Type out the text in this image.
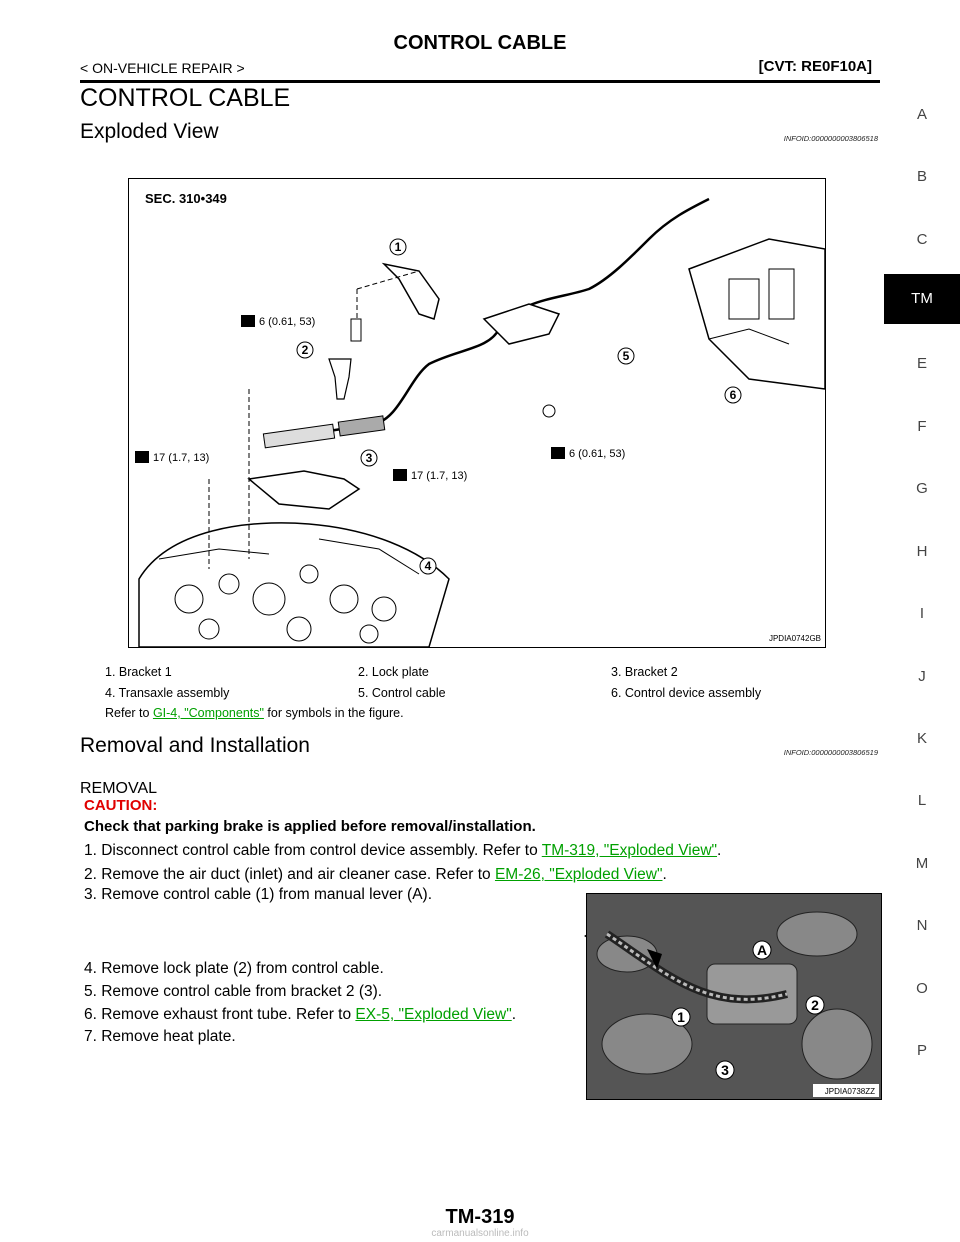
CONTROL CABLE
< ON-VEHICLE REPAIR >	[CVT: RE0F10A]
CONTROL CABLE
Exploded View	INFOID:0000000003806518
SEC. 310•349
1
2
3
4
5
6
6 (0.61, 53)
6 (0.61, 53)
17 (1.7, 13)
17 (1.7, 13)
JPDIA0742GB
1. Bracket 1	2. Lock plate	3. Bracket 2
4. Transaxle assembly	5. Control cable	6. Control device assembly
Refer to GI-4, "Components" for symbols in the figure.
Removal and Installation	INFOID:0000000003806519
REMOVAL
CAUTION:
Check that parking brake is applied before removal/installation.
1. Disconnect control cable from control device assembly. Refer to TM-319, "Exploded View".
2. Remove the air duct (inlet) and air cleaner case. Refer to EM-26, "Exploded View".
3. Remove control cable (1) from manual lever (A).
4. Remove lock plate (2) from control cable.
5. Remove control cable from bracket 2 (3).
6. Remove exhaust front tube. Refer to EX-5, "Exploded View".
7. Remove heat plate.
A
2
1
3
JPDIA0738ZZ
A
B
C
TM
E
F
G
H
I
J
K
L
M
N
O
P
TM-319
carmanualsonline.info
